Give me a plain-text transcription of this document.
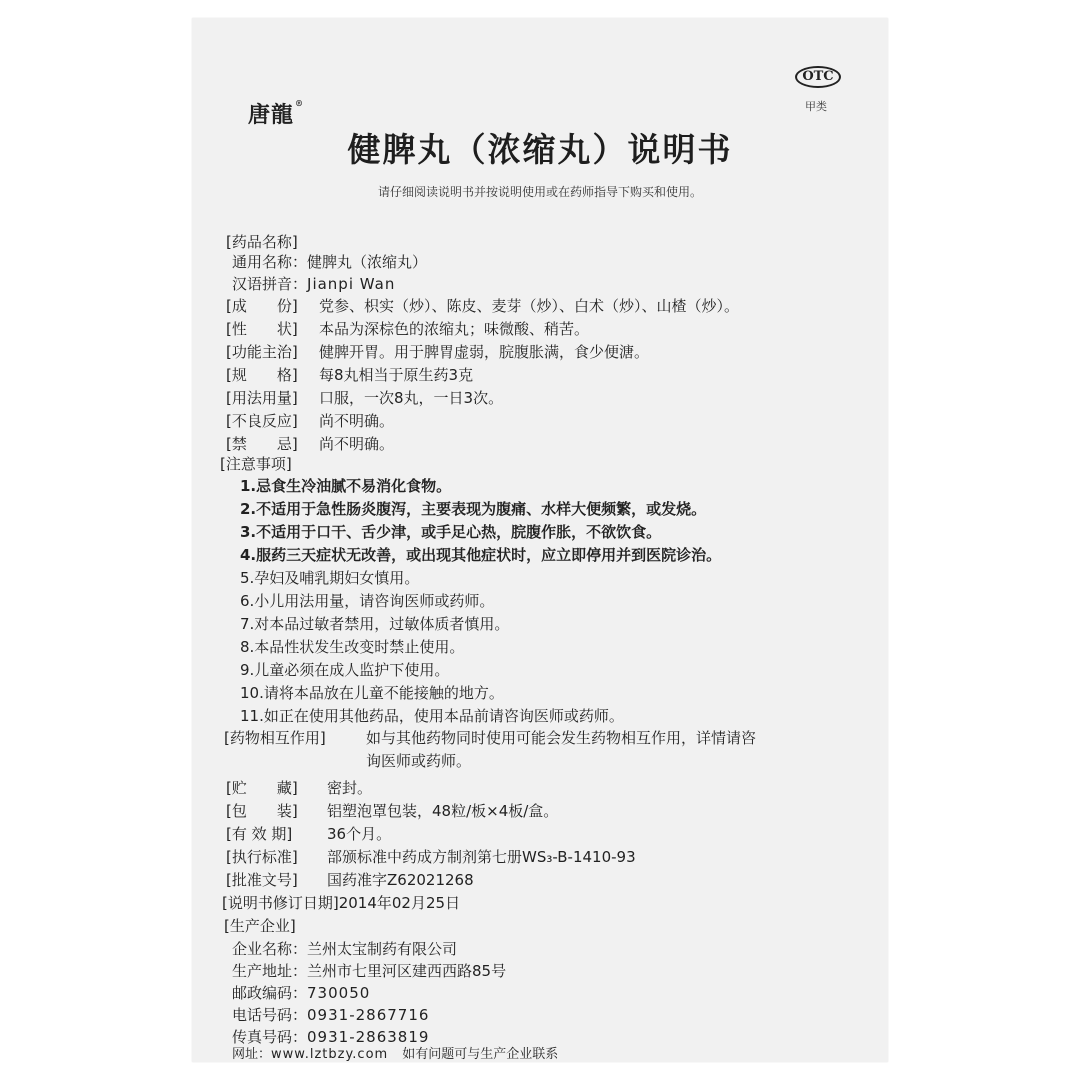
唐龍®
OTC
甲类
健脾丸（浓缩丸）说明书
请仔细阅读说明书并按说明使用或在药师指导下购买和使用。
[药品名称]
通用名称：健脾丸（浓缩丸）
汉语拼音：Jianpi Wan
[成　　份] 党参、枳实（炒）、陈皮、麦芽（炒）、白术（炒）、山楂（炒）。
[性　　状] 本品为深棕色的浓缩丸；味微酸、稍苦。
[功能主治] 健脾开胃。用于脾胃虚弱，脘腹胀满，食少便溏。
[规　　格] 每8丸相当于原生药3克
[用法用量] 口服，一次8丸，一日3次。
[不良反应] 尚不明确。
[禁　　忌] 尚不明确。
[注意事项]
1.忌食生冷油腻不易消化食物。
2.不适用于急性肠炎腹泻，主要表现为腹痛、水样大便频繁，或发烧。
3.不适用于口干、舌少津，或手足心热，脘腹作胀，不欲饮食。
4.服药三天症状无改善，或出现其他症状时，应立即停用并到医院诊治。
5.孕妇及哺乳期妇女慎用。
6.小儿用法用量，请咨询医师或药师。
7.对本品过敏者禁用，过敏体质者慎用。
8.本品性状发生改变时禁止使用。
9.儿童必须在成人监护下使用。
10.请将本品放在儿童不能接触的地方。
11.如正在使用其他药品，使用本品前请咨询医师或药师。
[药物相互作用]	如与其他药物同时使用可能会发生药物相互作用，详情请咨
询医师或药师。
[贮　　藏] 密封。
[包　　装] 铝塑泡罩包装，48粒/板×4板/盒。
[有 效 期] 36个月。
[执行标准] 部颁标准中药成方制剂第七册WS₃-B-1410-93
[批准文号] 国药准字Z62021268
[说明书修订日期]2014年02月25日
[生产企业]
企业名称：兰州太宝制药有限公司
生产地址：兰州市七里河区建西西路85号
邮政编码：730050
电话号码：0931-2867716
传真号码：0931-2863819
网址：www.lztbzy.com 如有问题可与生产企业联系
